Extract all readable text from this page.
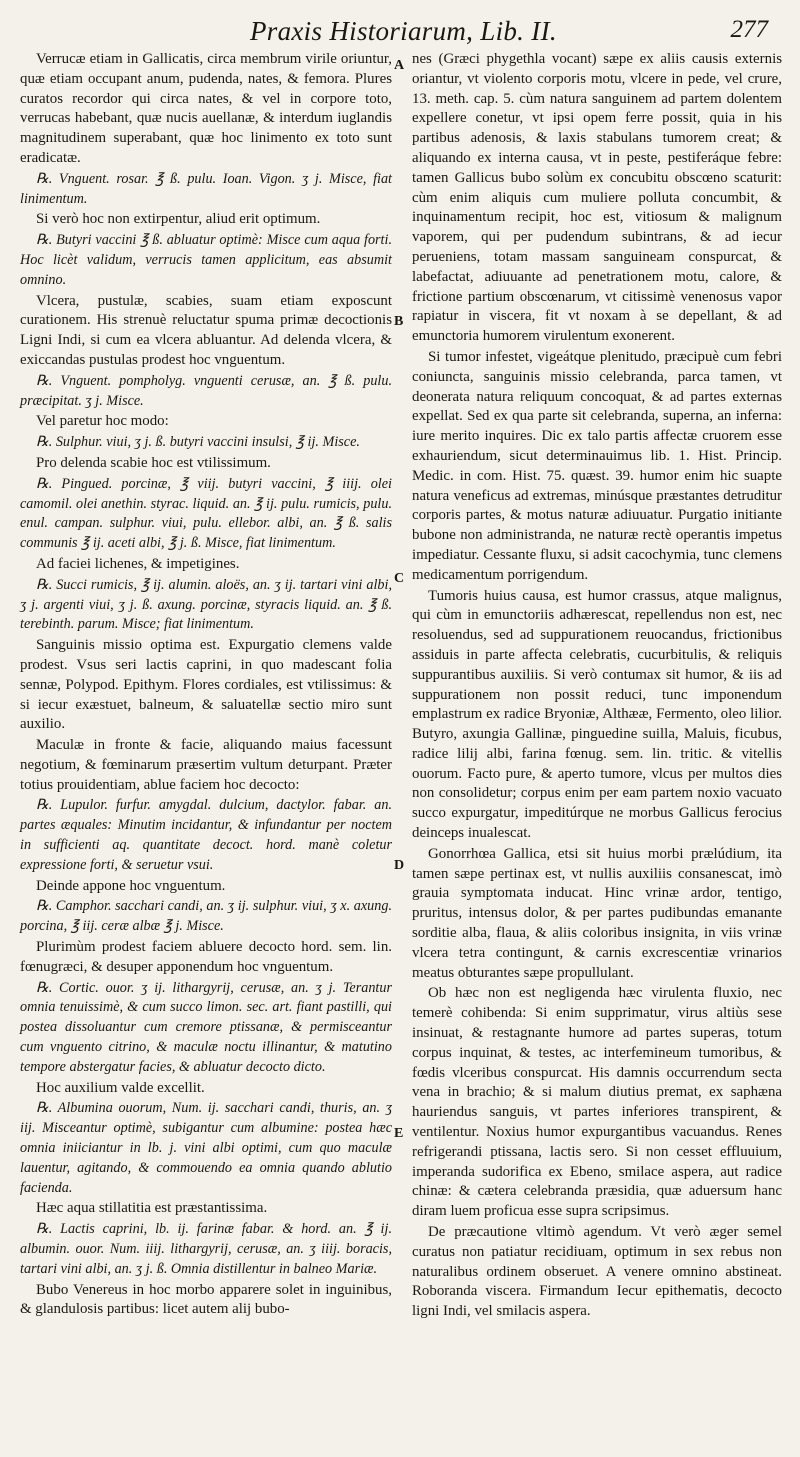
Praxis Historiarum, Lib. II.	277

Verrucæ etiam in Gallicatis, circa membrum virile oriuntur, quæ etiam occupant anum, pudenda, nates, & femora. Plures curatos recordor qui circa nates, & vel in corpore toto, verrucas habebant, quæ nucis auellanæ, & interdum iuglandis magnitudinem superabant, quæ hoc linimento ex toto sunt eradicatæ.

℞. Vnguent. rosar. ℥ ß. pulu. Ioan. Vigon. ʒ j. Misce, fiat linimentum.

Si verò hoc non extirpentur, aliud erit optimum.

℞. Butyri vaccini ℥ ß. abluatur optimè: Misce cum aqua forti. Hoc licèt validum, verrucis tamen applicitum, eas absumit omnino.

Vlcera, pustulæ, scabies, suam etiam exposcunt curationem. His strenuè reluctatur spuma primæ decoctionis Ligni Indi, si cum ea vlcera abluantur. Ad delenda vlcera, & exiccandas pustulas prodest hoc vnguentum.

℞. Vnguent. pompholyg. vnguenti cerusæ, an. ℥ ß. pulu. præcipitat. ʒ j. Misce.

Vel paretur hoc modo:

℞. Sulphur. viui, ʒ j. ß. butyri vaccini insulsi, ℥ ij. Misce.

Pro delenda scabie hoc est vtilissimum.

℞. Pingued. porcinæ, ℥ viij. butyri vaccini, ℥ iiij. olei camomil. olei anethin. styrac. liquid. an. ℥ ij. pulu. rumicis, pulu. enul. campan. sulphur. viui, pulu. ellebor. albi, an. ℥ ß. salis communis ℥ ij. aceti albi, ℥ j. ß. Misce, fiat linimentum.

Ad faciei lichenes, & impetigines.

℞. Succi rumicis, ℥ ij. alumin. aloës, an. ʒ ij. tartari vini albi, ʒ j. argenti viui, ʒ j. ß. axung. porcinæ, styracis liquid. an. ℥ ß. terebinth. parum. Misce; fiat linimentum.

Sanguinis missio optima est. Expurgatio clemens valde prodest. Vsus seri lactis caprini, in quo madescant folia sennæ, Polypod. Epithym. Flores cordiales, est vtilissimus: & si iecur exæstuet, balneum, & saluatellæ sectio miro sunt auxilio.

Maculæ in fronte & facie, aliquando maius facessunt negotium, & fœminarum præsertim vultum deturpant. Præter totius prouidentiam, ablue faciem hoc decocto:

℞. Lupulor. furfur. amygdal. dulcium, dactylor. fabar. an. partes æquales: Minutim incidantur, & infundantur per noctem in sufficienti aq. quantitate decoct. hord. manè coletur expressione forti, & seruetur vsui.

Deinde appone hoc vnguentum.

℞. Camphor. sacchari candi, an. ʒ ij. sulphur. viui, ʒ x. axung. porcina, ℥ iij. ceræ albæ ℥ j. Misce.

Plurimùm prodest faciem abluere decocto hord. sem. lin. fœnugræci, & desuper apponendum hoc vnguentum.

℞. Cortic. ouor. ʒ ij. lithargyrij, cerusæ, an. ʒ j. Terantur omnia tenuissimè, & cum succo limon. sec. art. fiant pastilli, qui postea dissoluantur cum cremore ptissanæ, & permisceantur cum vnguento citrino, & maculæ noctu illinantur, & matutino tempore abstergatur facies, & abluatur decocto dicto.

Hoc auxilium valde excellit.

℞. Albumina ouorum, Num. ij. sacchari candi, thuris, an. ʒ iij. Misceantur optimè, subigantur cum albumine: postea hæc omnia iniiciantur in lb. j. vini albi optimi, cum quo maculæ lauentur, agitando, & commouendo ea omnia quando ablutio facienda.

Hæc aqua stillatitia est præstantissima.

℞. Lactis caprini, lb. ij. farinæ fabar. & hord. an. ℥ ij. albumin. ouor. Num. iiij. lithargyrij, cerusæ, an. ʒ iiij. boracis, tartari vini albi, an. ʒ j. ß. Omnia distillentur in balneo Mariæ.

Bubo Venereus in hoc morbo apparere solet in inguinibus, & glandulosis partibus: licet autem alij bubo-

nes (Græci phygethla vocant) sæpe ex aliis causis externis oriantur, vt violento corporis motu, vlcere in pede, vel crure, 13. meth. cap. 5. cùm natura sanguinem ad partem dolentem expellere conetur, vt ipsi opem ferre possit, quia in his partibus adenosis, & laxis stabulans tumorem creat; & aliquando ex interna causa, vt in peste, pestiferáque febre: tamen Gallicus bubo solùm ex concubitu obscœno scaturit: cùm enim aliquis cum muliere polluta concumbit, & inquinamentum recipit, hoc est, vitiosum & malignum vaporem, qui per pudendum subintrans, & ad iecur perueniens, totam massam sanguineam conspurcat, & labefactat, adiuuante ad penetrationem motu, calore, & frictione partium obscœnarum, vt citissimè venenosus vapor rapiatur in viscera, fit vt noxam à se depellant, & ad emunctoria humorem virulentum exonerent.

Si tumor infestet, vigeátque plenitudo, præcipuè cum febri coniuncta, sanguinis missio celebranda, parca tamen, vt deonerata natura reliquum concoquat, & ad partes externas expellat. Sed ex qua parte sit celebranda, superna, an inferna: iure merito inquires. Dic ex talo partis affectæ cruorem esse exhauriendum, sicut determinauimus lib. 1. Hist. Princip. Medic. in com. Hist. 75. quæst. 39. humor enim hic suapte natura veneficus ad extremas, minúsque præstantes detruditur corporis partes, & motus naturæ adiuuatur. Purgatio initiante bubone non administranda, ne naturæ rectè operantis impetus impediatur. Cessante fluxu, si adsit cacochymia, tunc clemens medicamentum porrigendum.

Tumoris huius causa, est humor crassus, atque malignus, qui cùm in emunctoriis adhærescat, repellendus non est, nec resoluendus, sed ad suppurationem reuocandus, frictionibus assiduis in parte affecta celebratis, cucurbitulis, & reliquis suppurantibus auxiliis. Si verò contumax sit humor, & iis ad suppurationem non possit reduci, tunc imponendum emplastrum ex radice Bryoniæ, Althææ, Fermento, oleo lilior. Butyro, axungia Gallinæ, pinguedine suilla, Maluis, ficubus, radice lilij albi, farina fœnug. sem. lin. tritic. & vitellis ouorum. Facto pure, & aperto tumore, vlcus per multos dies non consolidetur; corpus enim per eam partem noxio vacuato succo expurgatur, impeditúrque ne morbus Gallicus ferocius deinceps inualescat.

Gonorrhœa Gallica, etsi sit huius morbi prælúdium, ita tamen sæpe pertinax est, vt nullis auxiliis consanescat, imò grauia symptomata inducat. Hinc vrinæ ardor, tentigo, pruritus, intensus dolor, & per partes pudibundas emanante sorditie alba, flaua, & aliis coloribus insignita, in viis vrinæ vlcera tetra contingunt, & carnis excrescentiæ vrinarios meatus obturantes sæpe propullulant.

Ob hæc non est negligenda hæc virulenta fluxio, nec temerè cohibenda: Si enim supprimatur, virus altiùs sese insinuat, & restagnante humore ad partes superas, totum corpus inquinat, & testes, ac interfemineum tumoribus, & fœdis vlceribus conspurcat. His damnis occurrendum secta vena in brachio; & si malum diutius premat, ex saphæna hauriendus sanguis, vt partes inferiores transpirent, & ventilentur. Noxius humor expurgantibus vacuandus. Renes refrigerandi ptissana, lactis sero. Si non cesset effluuium, imperanda sudorifica ex Ebeno, smilace aspera, aut radice chinæ: & cætera celebranda præsidia, quæ aduersum hanc diram luem proficua esse supra scripsimus.

De præcautione vltimò agendum. Vt verò æger semel curatus non patiatur recidiuam, optimum in sex rebus non naturalibus ordinem obseruet. A venere omnino abstineat. Roboranda viscera. Firmandum Iecur epithematis, decocto ligni Indi, vel smilacis aspera.

A
B
C
D
E
